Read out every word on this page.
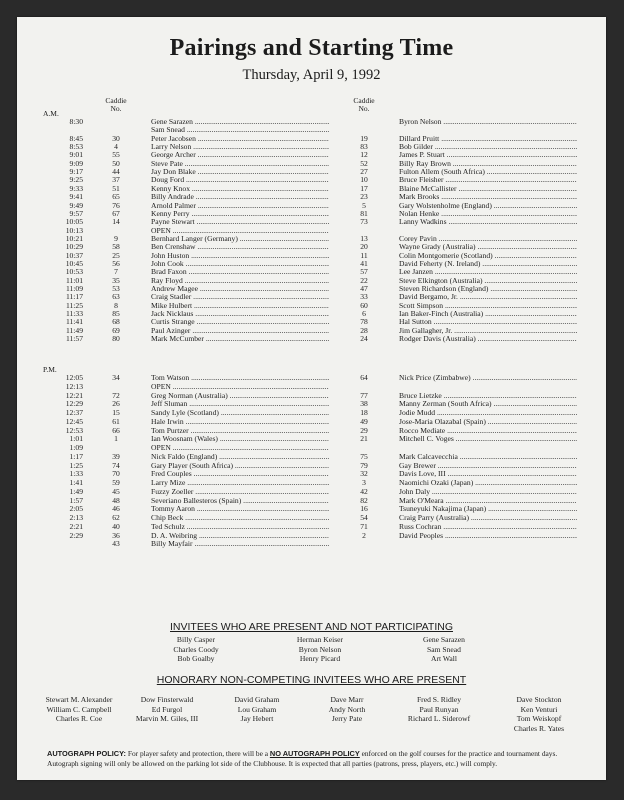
Pairings and Starting Time
Thursday, April 9, 1992
Caddie
No.
Caddie
No.
A.M.
P.M.
8:30	Gene Sarazen .....	Byron Nelson .....
Sam Snead .....
8:45	30	Peter Jacobsen .....	19	Dillard Pruitt .....
8:53	4	Larry Nelson .....	83	Bob Gilder .....
9:01	55	George Archer .....	12	James P. Stuart .....
9:09	50	Steve Pate .....	52	Billy Ray Brown .....
9:17	44	Jay Don Blake .....	27	Fulton Allem (South Africa) .....
9:25	37	Doug Ford .....	10	Bruce Fleisher .....
9:33	51	Kenny Knox .....	17	Blaine McCallister .....
9:41	65	Billy Andrade .....	23	Mark Brooks .....
9:49	76	Arnold Palmer .....	5	Gary Wolstenholme (England) .....
9:57	67	Kenny Perry .....	81	Nolan Henke .....
10:05	14	Payne Stewart .....	73	Lanny Wadkins .....
10:13	OPEN .....
10:21	9	Bernhard Langer (Germany) .....	13	Corey Pavin .....
10:29	58	Ben Crenshaw .....	20	Wayne Grady (Australia) .....
10:37	25	John Huston .....	11	Colin Montgomerie (Scotland) .....
10:45	56	John Cook .....	41	David Feherty (N. Ireland) .....
10:53	7	Brad Faxon .....	57	Lee Janzen .....
11:01	35	Ray Floyd .....	22	Steve Elkington (Australia) .....
11:09	53	Andrew Magee .....	47	Steven Richardson (England) .....
11:17	63	Craig Stadler .....	33	David Bergamo, Jr. .....
11:25	8	Mike Hulbert .....	60	Scott Simpson .....
11:33	85	Jack Nicklaus .....	6	Ian Baker-Finch (Australia) .....
11:41	68	Curtis Strange .....	78	Hal Sutton .....
11:49	69	Paul Azinger .....	28	Jim Gallagher, Jr. .....
11:57	80	Mark McCumber .....	24	Rodger Davis (Australia) .....
12:05	34	Tom Watson .....	64	Nick Price (Zimbabwe) .....
12:13	OPEN .....
12:21	72	Greg Norman (Australia) .....	77	Bruce Lietzke .....
12:29	26	Jeff Sluman .....	38	Manny Zerman (South Africa) .....
12:37	15	Sandy Lyle (Scotland) .....	18	Jodie Mudd .....
12:45	61	Hale Irwin .....	49	Jose-Maria Olazabal (Spain) .....
12:53	66	Tom Purtzer .....	29	Rocco Mediate .....
1:01	1	Ian Woosnam (Wales) .....	21	Mitchell C. Voges .....
1:09	OPEN .....
1:17	39	Nick Faldo (England) .....	75	Mark Calcavecchia .....
1:25	74	Gary Player (South Africa) .....	79	Gay Brewer .....
1:33	70	Fred Couples .....	32	Davis Love, III .....
1:41	59	Larry Mize .....	3	Naomichi Ozaki (Japan) .....
1:49	45	Fuzzy Zoeller .....	42	John Daly .....
1:57	48	Severiano Ballesteros (Spain) .....	82	Mark O'Meara .....
2:05	46	Tommy Aaron .....	16	Tsuneyuki Nakajima (Japan) .....
2:13	62	Chip Beck .....	54	Craig Parry (Australia) .....
2:21	40	Ted Schulz .....	71	Russ Cochran .....
2:29	36	D. A. Weibring .....	2	David Peoples .....
43	Billy Mayfair .....
INVITEES WHO ARE PRESENT AND NOT PARTICIPATING
Billy Casper
Charles Coody
Bob Goalby
Herman Keiser
Byron Nelson
Henry Picard
Gene Sarazen
Sam Snead
Art Wall
HONORARY NON-COMPETING INVITEES WHO ARE PRESENT
Stewart M. Alexander
William C. Campbell
Charles R. Coe
Dow Finsterwald
Ed Furgol
Marvin M. Giles, III
David Graham
Lou Graham
Jay Hebert
Dave Marr
Andy North
Jerry Pate
Fred S. Ridley
Paul Runyan
Richard L. Siderowf
Dave Stockton
Ken Venturi
Tom Weiskopf
Charles R. Yates
AUTOGRAPH POLICY: For player safety and protection, there will be a NO AUTOGRAPH POLICY enforced on the golf courses for the practice and tournament days. Autograph signing will only be allowed on the parking lot side of the Clubhouse. It is expected that all parties (patrons, press, players, etc.) will comply.
